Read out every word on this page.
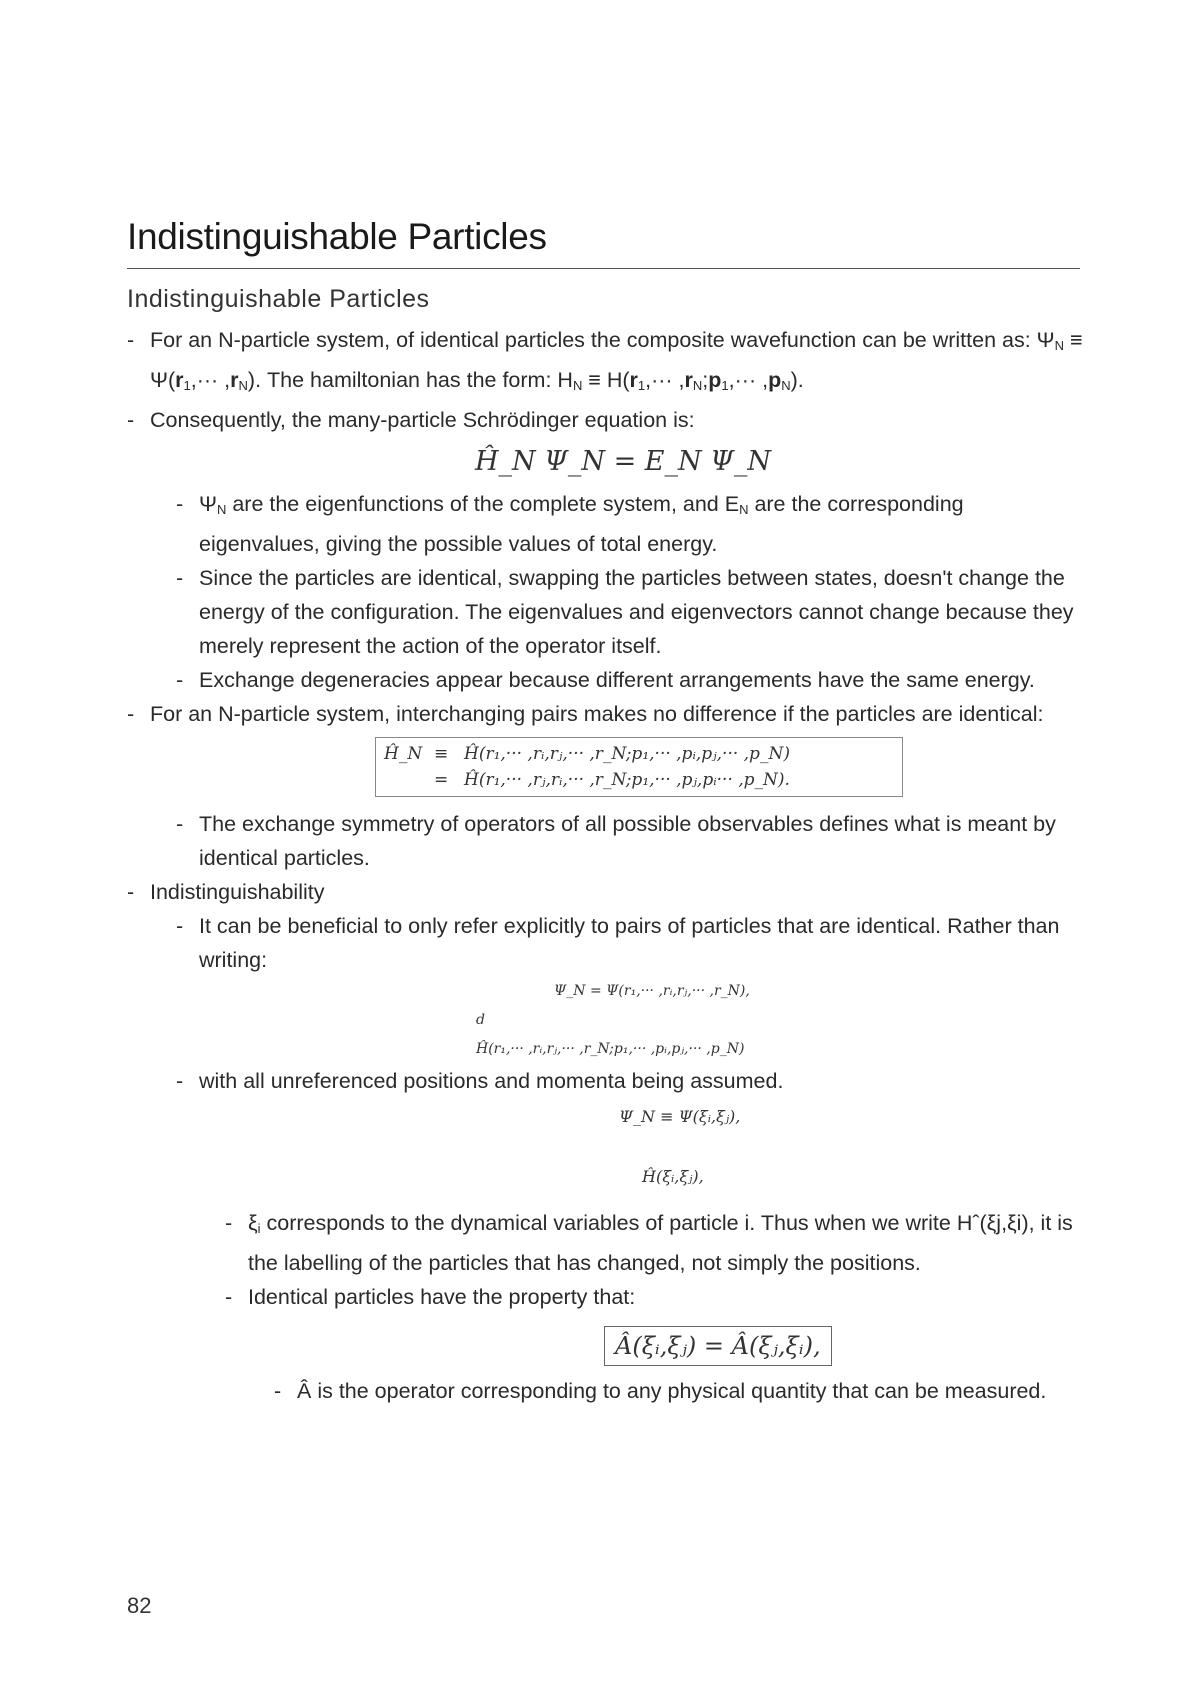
Indistinguishable Particles
Indistinguishable Particles
- For an N-particle system, of identical particles the composite wavefunction can be written as: $\Psi_N \equiv \Psi(r_1,\cdot\cdot\cdot ,r_N)$. The hamiltonian has the form: $H_N \equiv H(r_1,\cdot\cdot\cdot$ $,r_N;p_1,\cdot\cdot\cdot ,p_N$).
- Consequently, the many-particle Schrödinger equation is:
Ĥ_N Ψ_N = E_N Ψ_N
- $\Psi_N$ are the eigenfunctions of the complete system, and $E_N$ are the corresponding eigenvalues, giving the possible values of total energy.
- Since the particles are identical, swapping the particles between states, doesn't change the energy of the configuration. The eigenvalues and eigenvectors cannot change because they merely represent the action of the operator itself.
- Exchange degeneracies appear because different arrangements have the same energy.
- For an N-particle system, interchanging pairs makes no difference if the particles are identical:
Ĥ_N ≡ Ĥ(r₁,··· ,rᵢ,rⱼ,··· ,r_N;p₁,··· ,pᵢ,pⱼ,··· ,p_N)
= Ĥ(r₁,··· ,rⱼ,rᵢ,··· ,r_N;p₁,··· ,pⱼ,pᵢ··· ,p_N).
- The exchange symmetry of operators of all possible observables defines what is meant by identical particles.
- Indistinguishability
- It can be beneficial to only refer explicitly to pairs of particles that are identical. Rather than writing:
Ψ_N = Ψ(r₁,··· ,rᵢ,rⱼ,··· ,r_N),
d
Ĥ(r₁,··· ,rᵢ,rⱼ,··· ,r_N;p₁,··· ,pᵢ,pⱼ,··· ,p_N)
- with all unreferenced positions and momenta being assumed.
Ψ_N ≡ Ψ(ξᵢ,ξⱼ),
Ĥ(ξᵢ,ξⱼ),
- $\xi_i$ corresponds to the dynamical variables of particle i. Thus when we write Hˆ(ξj,ξi), it is the labelling of the particles that has changed, not simply the positions.
- Identical particles have the property that:
Â(ξᵢ,ξⱼ) = Â(ξⱼ,ξᵢ),
- Â is the operator corresponding to any physical quantity that can be measured.
82
